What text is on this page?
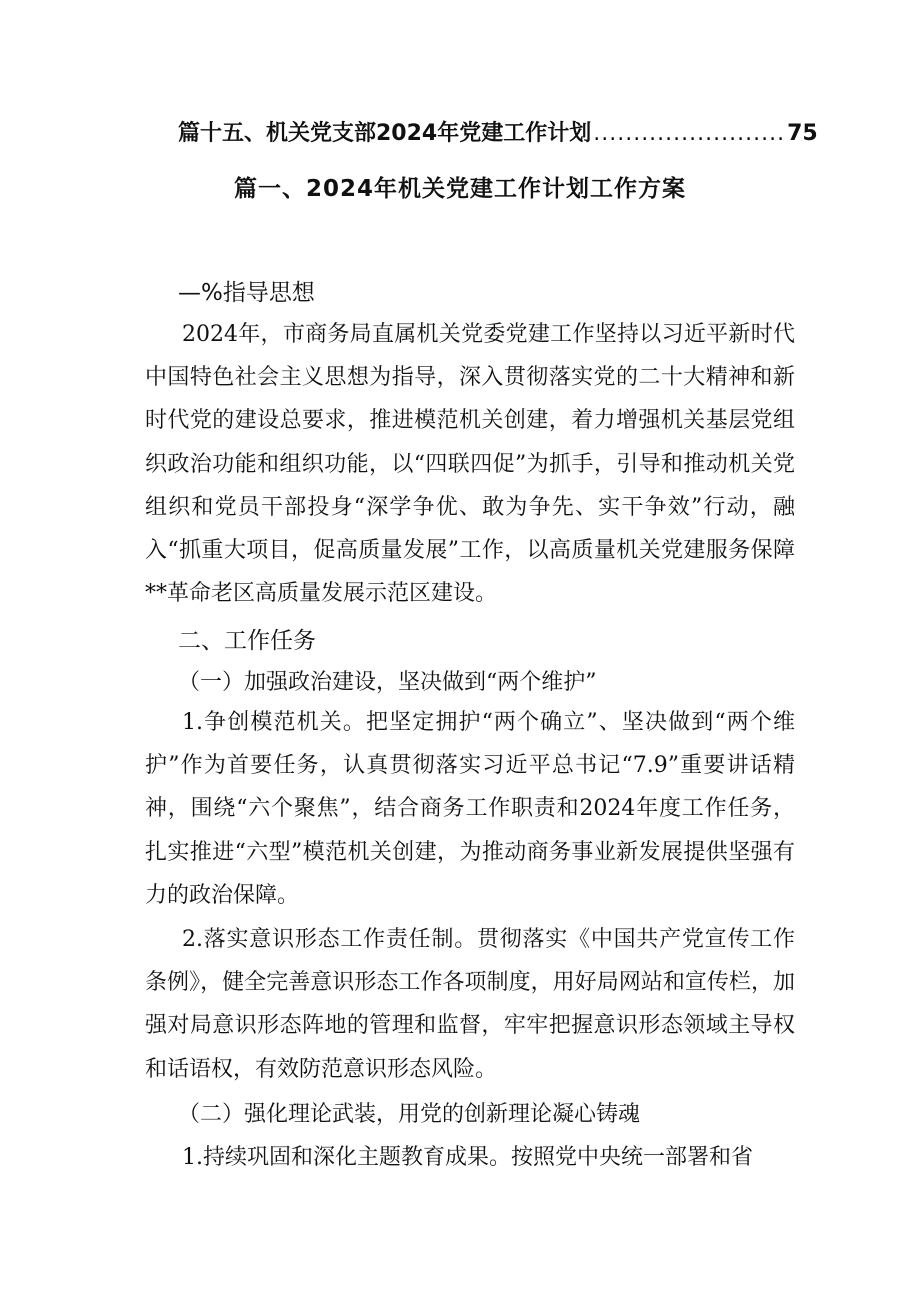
篇十五、机关党支部2024年党建工作计划 ........................ 75
篇一、2024年机关党建工作计划工作方案
—%指导思想

2024年，市商务局直属机关党委党建工作坚持以习近平新时代中国特色社会主义思想为指导，深入贯彻落实党的二十大精神和新时代党的建设总要求，推进模范机关创建，着力增强机关基层党组织政治功能和组织功能，以“四联四促”为抓手，引导和推动机关党组织和党员干部投身“深学争优、敢为争先、实干争效”行动，融入“抓重大项目，促高质量发展”工作，以高质量机关党建服务保障**革命老区高质量发展示范区建设。

二、工作任务
（一）加强政治建设，坚决做到“两个维护”

1.争创模范机关。把坚定拥护“两个确立”、坚决做到“两个维护”作为首要任务，认真贯彻落实习近平总书记“7.9”重要讲话精神，围绕“六个聚焦”，结合商务工作职责和2024年度工作任务，扎实推进“六型”模范机关创建，为推动商务事业新发展提供坚强有力的政治保障。

2.落实意识形态工作责任制。贯彻落实《中国共产党宣传工作条例》，健全完善意识形态工作各项制度，用好局网站和宣传栏，加强对局意识形态阵地的管理和监督，牢牢把握意识形态领域主导权和话语权，有效防范意识形态风险。

（二）强化理论武装，用党的创新理论凝心铸魂

1.持续巩固和深化主题教育成果。按照党中央统一部署和省
